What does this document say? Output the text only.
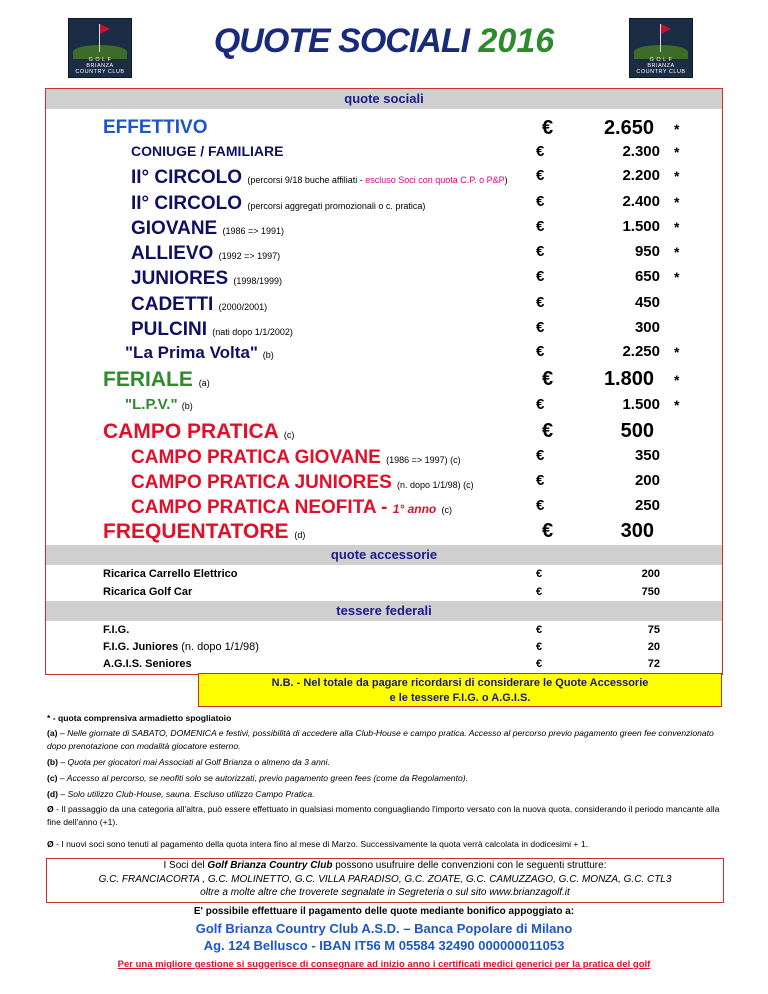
G O L F
BRIANZA
COUNTRY CLUB
G O L F
BRIANZA
COUNTRY CLUB
QUOTE SOCIALI 2016
quote sociali
EFFETTIVO	€	2.650 *
CONIUGE / FAMILIARE	€	2.300 *
II° CIRCOLO (percorsi 9/18 buche affiliati - escluso Soci con quota C.P. o P&P) €	2.200 *
II° CIRCOLO (percorsi aggregati promozionali o c. pratica)	€	2.400 *
GIOVANE (1986 => 1991)	€	1.500 *
ALLIEVO (1992 => 1997)	€	950 *
JUNIORES (1998/1999)	€	650 *
CADETTI (2000/2001)	€	450
PULCINI (nati dopo 1/1/2002)	€	300
"La Prima Volta" (b)	€	2.250 *
FERIALE (a)	€	1.800 *
"L.P.V." (b)	€	1.500 *
CAMPO PRATICA (c)	€	500
CAMPO PRATICA GIOVANE (1986 => 1997) (c)	€	350
CAMPO PRATICA JUNIORES (n. dopo 1/1/98) (c)	€	200
CAMPO PRATICA NEOFITA - 1° anno (c)	€	250
FREQUENTATORE (d)	€	300
quote accessorie
Ricarica Carrello Elettrico	€	200
Ricarica Golf Car	€	750
tessere federali
F.I.G.	€	75
F.I.G. Juniores (n. dopo 1/1/98)	€	20
A.G.I.S. Seniores	€	72
N.B. - Nel totale da pagare ricordarsi di considerare le Quote Accessorie
e le tessere F.I.G. o A.G.I.S.
* - quota comprensiva armadietto spogliatoio
(a) – Nelle giornate di SABATO, DOMENICA e festivi, possibilità di accedere alla Club-House e campo pratica. Accesso al percorso previo pagamento green fee convenzionato dopo prenotazione con modalità giocatore esterno.
(b) – Quota per giocatori mai Associati al Golf Brianza o almeno da 3 anni.
(c) – Accesso al percorso, se neofiti solo se autorizzati, previo pagamento green fees (come da Regolamento).
(d) – Solo utilizzo Club-House, sauna. Escluso utilizzo Campo Pratica.
Ø - Il passaggio da una categoria all'altra, può essere effettuato in qualsiasi momento conguagliando l'importo versato con la nuova quota, considerando il periodo mancante alla fine dell'anno (+1).
Ø - I nuovi soci sono tenuti al pagamento della quota intera fino al mese di Marzo. Successivamente la quota verrà calcolata in dodicesimi + 1.
I Soci del Golf Brianza Country Club possono usufruire delle convenzioni con le seguenti strutture:
G.C. FRANCIACORTA , G.C. MOLINETTO, G.C. VILLA PARADISO, G.C. ZOATE, G.C. CAMUZZAGO, G.C. MONZA, G.C. CTL3
oltre a molte altre che troverete segnalate in Segreteria o sul sito www.brianzagolf.it
E' possibile effettuare il pagamento delle quote mediante bonifico appoggiato a:
Golf Brianza Country Club A.S.D. – Banca Popolare di Milano
Ag. 124 Bellusco - IBAN IT56 M 05584 32490 000000011053
Per una migliore gestione si suggerisce di consegnare ad inizio anno i certificati medici generici per la pratica del golf
